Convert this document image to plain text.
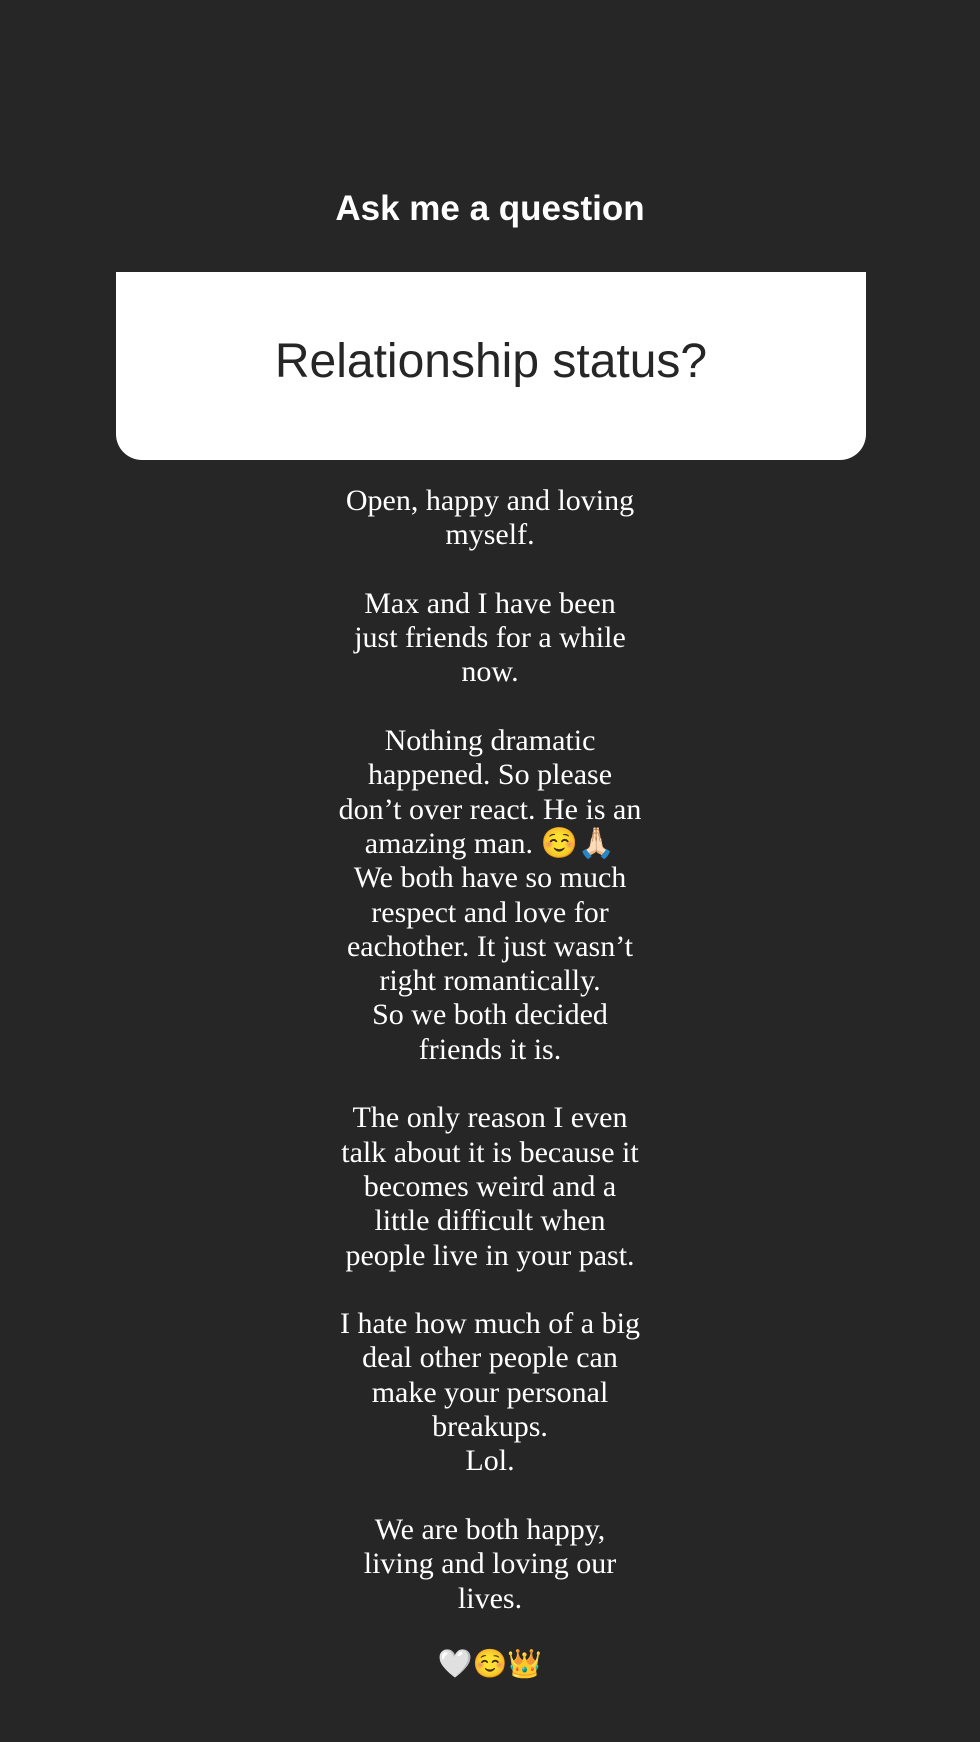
Ask me a question
Relationship status?
Open, happy and loving
myself.
Max and I have been
just friends for a while
now.
Nothing dramatic
happened. So please
don’t over react. He is an
amazing man. ☺️🙏🏻
We both have so much
respect and love for
eachother. It just wasn’t
right romantically.
So we both decided
friends it is.
The only reason I even
talk about it is because it
becomes weird and a
little difficult when
people live in your past.
I hate how much of a big
deal other people can
make your personal
breakups.
Lol.
We are both happy,
living and loving our
lives.
🤍☺️👑
